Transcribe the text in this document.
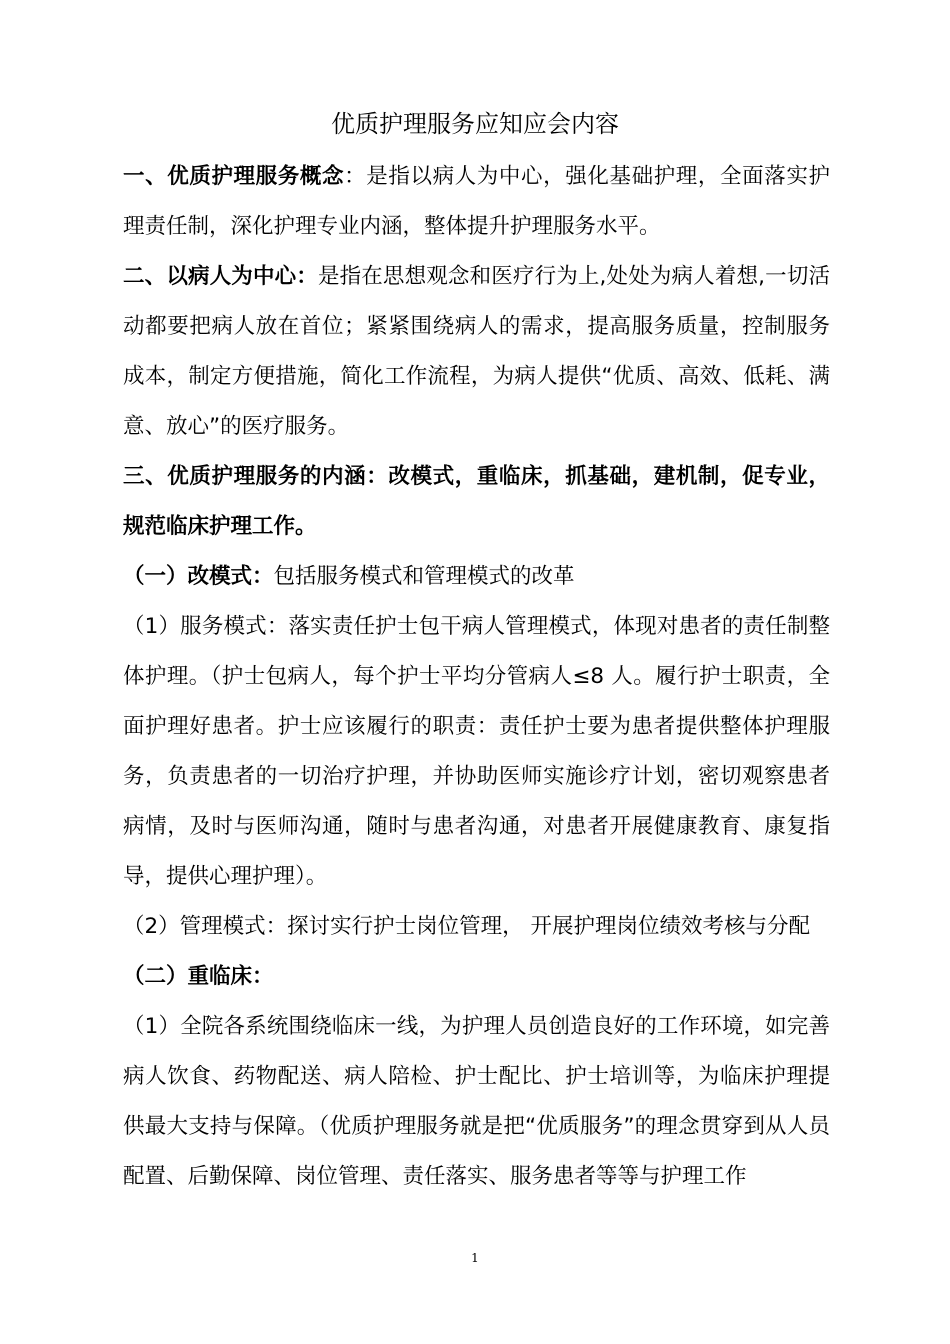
优质护理服务应知应会内容

一、优质护理服务概念：是指以病人为中心，强化基础护理，全面落实护理责任制，深化护理专业内涵，整体提升护理服务水平。

二、以病人为中心：是指在思想观念和医疗行为上,处处为病人着想,一切活动都要把病人放在首位；紧紧围绕病人的需求，提高服务质量，控制服务成本，制定方便措施，简化工作流程，为病人提供“优质、高效、低耗、满意、放心”的医疗服务。

三、优质护理服务的内涵：改模式，重临床，抓基础，建机制，促专业，规范临床护理工作。

（一）改模式：包括服务模式和管理模式的改革

（1）服务模式：落实责任护士包干病人管理模式，体现对患者的责任制整体护理。（护士包病人，每个护士平均分管病人≤8 人。履行护士职责，全面护理好患者。护士应该履行的职责：责任护士要为患者提供整体护理服务，负责患者的一切治疗护理，并协助医师实施诊疗计划，密切观察患者病情，及时与医师沟通，随时与患者沟通，对患者开展健康教育、康复指导，提供心理护理）。

（2）管理模式：探讨实行护士岗位管理， 开展护理岗位绩效考核与分配

（二）重临床：

（1）全院各系统围绕临床一线，为护理人员创造良好的工作环境，如完善病人饮食、药物配送、病人陪检、护士配比、护士培训等，为临床护理提供最大支持与保障。（优质护理服务就是把“优质服务”的理念贯穿到从人员配置、后勤保障、岗位管理、责任落实、服务患者等等与护理工作

1
